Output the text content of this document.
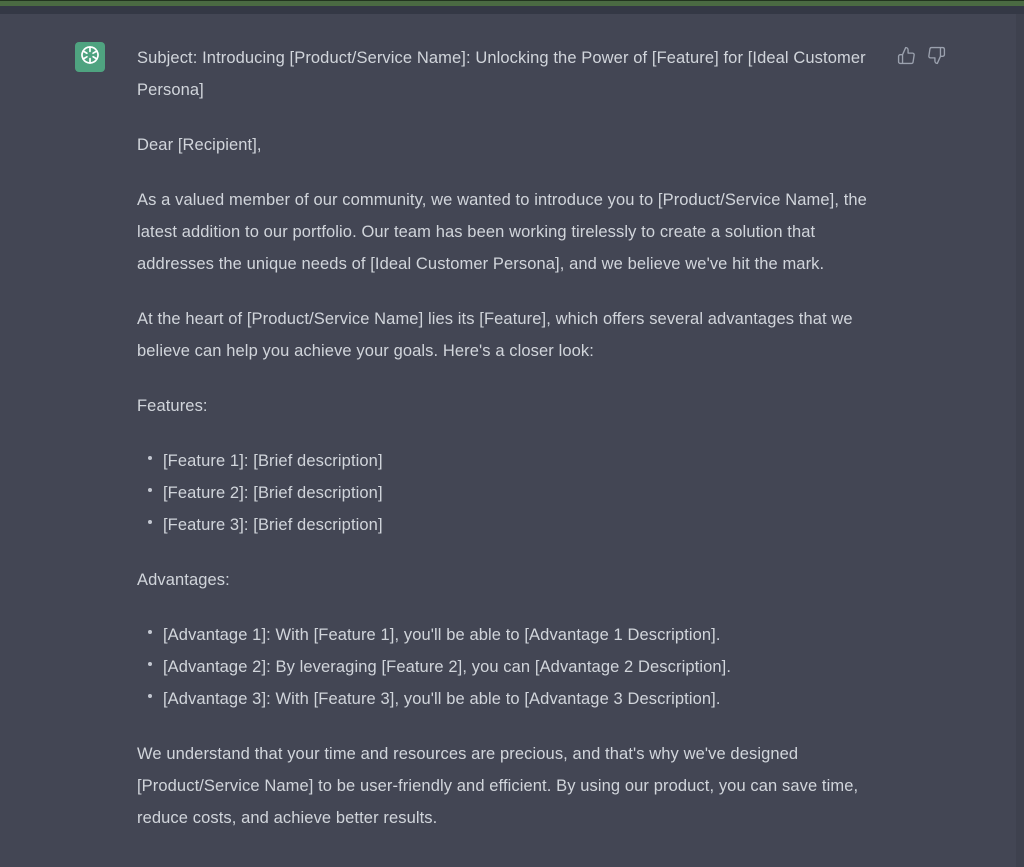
Subject: Introducing [Product/Service Name]: Unlocking the Power of [Feature] for [Ideal Customer Persona]
Dear [Recipient],
As a valued member of our community, we wanted to introduce you to [Product/Service Name], the latest addition to our portfolio. Our team has been working tirelessly to create a solution that addresses the unique needs of [Ideal Customer Persona], and we believe we've hit the mark.
At the heart of [Product/Service Name] lies its [Feature], which offers several advantages that we believe can help you achieve your goals. Here's a closer look:
Features:
[Feature 1]: [Brief description]
[Feature 2]: [Brief description]
[Feature 3]: [Brief description]
Advantages:
[Advantage 1]: With [Feature 1], you'll be able to [Advantage 1 Description].
[Advantage 2]: By leveraging [Feature 2], you can [Advantage 2 Description].
[Advantage 3]: With [Feature 3], you'll be able to [Advantage 3 Description].
We understand that your time and resources are precious, and that's why we've designed [Product/Service Name] to be user-friendly and efficient. By using our product, you can save time, reduce costs, and achieve better results.
